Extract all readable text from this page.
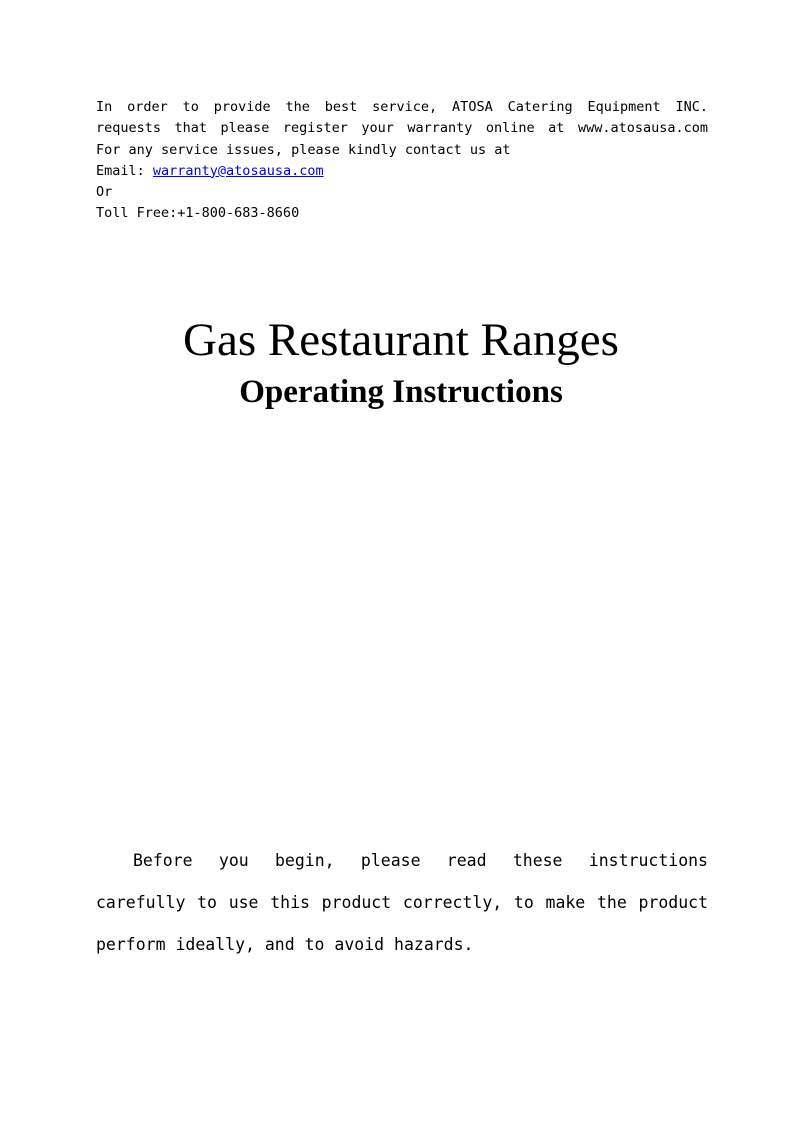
In order to provide the best service, ATOSA Catering Equipment INC.
requests that please register your warranty online at www.atosausa.com
For any service issues, please kindly contact us at
Email: warranty@atosausa.com
Or
Toll Free:+1-800-683-8660
Gas Restaurant Ranges
Operating Instructions

Before you begin, please read these instructions carefully to use this product correctly, to make the product perform ideally, and to avoid hazards.
